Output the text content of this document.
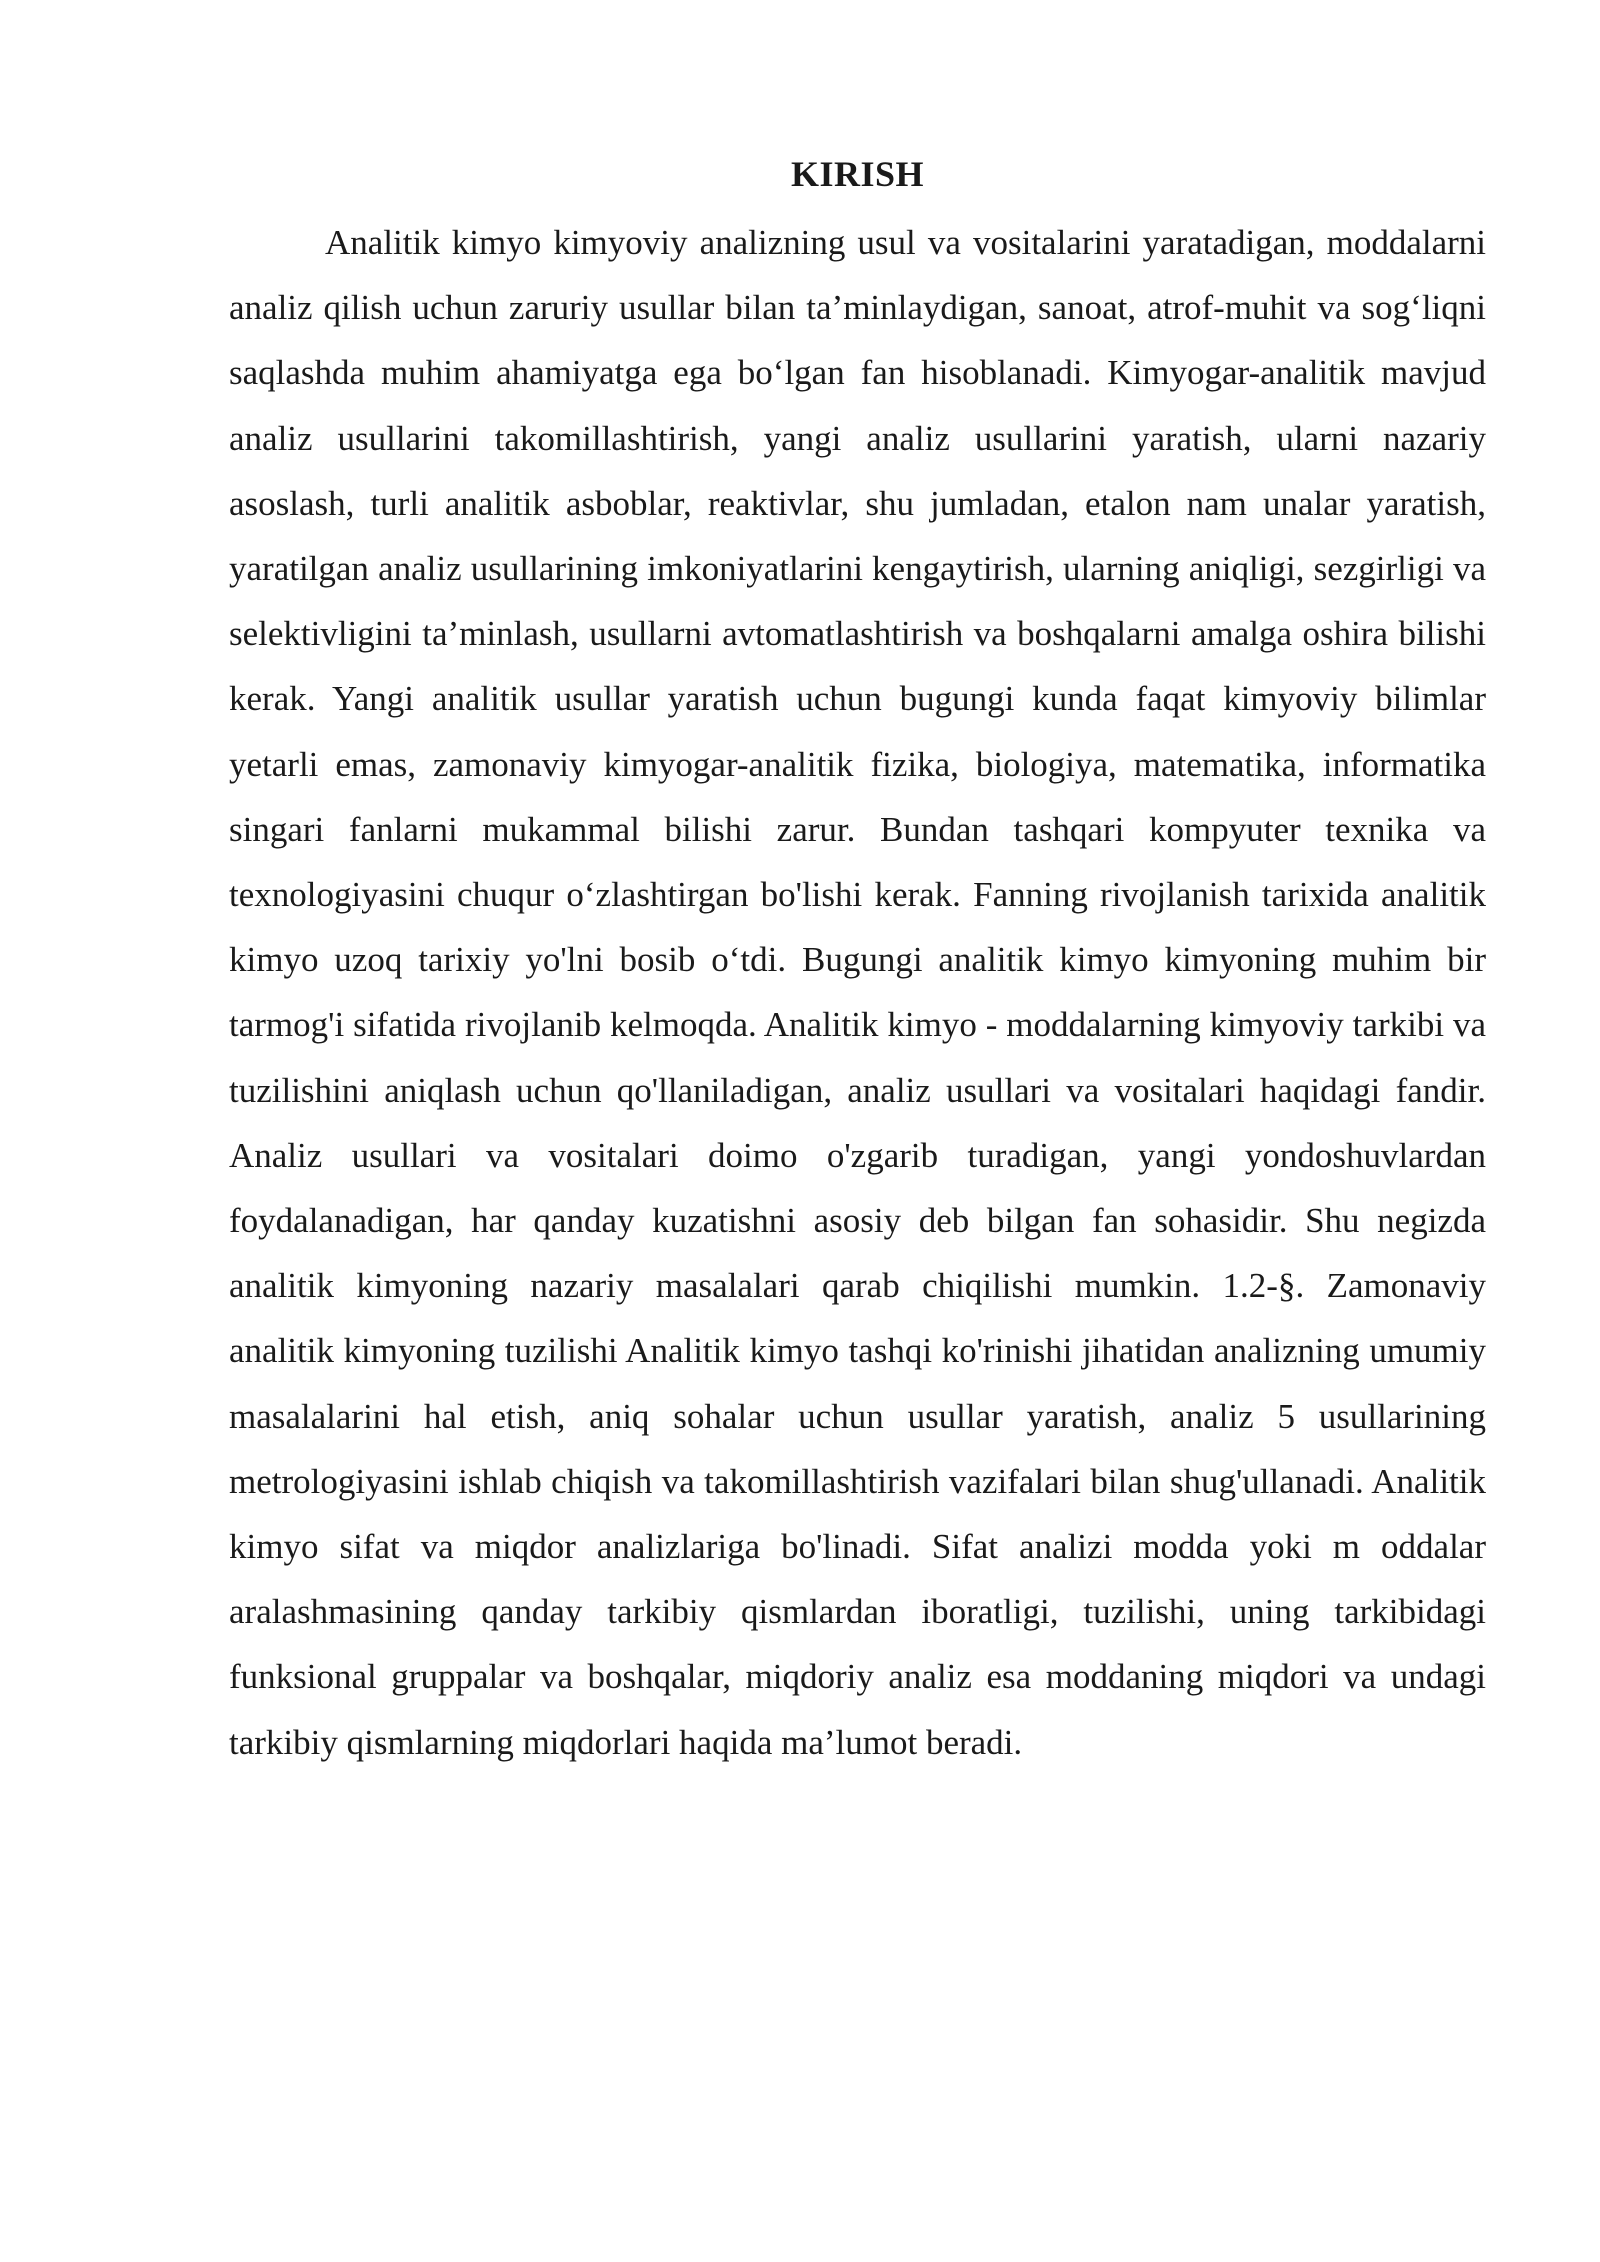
KIRISH

Analitik kimyo kimyoviy analizning usul va vositalarini yaratadigan, moddalarni analiz qilish uchun zaruriy usullar bilan ta’minlaydigan, sanoat, atrof-muhit va sog‘liqni saqlashda muhim ahamiyatga ega bo‘lgan fan hisoblanadi. Kimyogar-analitik mavjud analiz usullarini takomillashtirish, yangi analiz usullarini yaratish, ularni nazariy asoslash, turli analitik asboblar, reaktivlar, shu jumladan, etalon nam unalar yaratish, yaratilgan analiz usullarining imkoniyatlarini kengaytirish, ularning aniqligi, sezgirligi va selektivligini ta’minlash, usullarni avtomatlashtirish va boshqalarni amalga oshira bilishi kerak. Yangi analitik usullar yaratish uchun bugungi kunda faqat kimyoviy bilimlar yetarli emas, zamonaviy kimyogar-analitik fizika, biologiya, matematika, informatika singari fanlarni mukammal bilishi zarur. Bundan tashqari kompyuter texnika va texnologiyasini chuqur o‘zlashtirgan bo'lishi kerak. Fanning rivojlanish tarixida analitik kimyo uzoq tarixiy yo'lni bosib o‘tdi. Bugungi analitik kimyo kimyoning muhim bir tarmog'i sifatida rivojlanib kelmoqda. Analitik kimyo - moddalarning kimyoviy tarkibi va tuzilishini aniqlash uchun qo'llaniladigan, analiz usullari va vositalari haqidagi fandir. Analiz usullari va vositalari doimo o'zgarib turadigan, yangi yondoshuvlardan foydalanadigan, har qanday kuzatishni asosiy deb bilgan fan sohasidir. Shu negizda analitik kimyoning nazariy masalalari qarab chiqilishi mumkin. 1.2-§. Zamonaviy analitik kimyoning tuzilishi Analitik kimyo tashqi ko'rinishi jihatidan analizning umumiy masalalarini hal etish, aniq sohalar uchun usullar yaratish, analiz 5 usullarining metrologiyasini ishlab chiqish va takomillashtirish vazifalari bilan shug'ullanadi. Analitik kimyo sifat va miqdor analizlariga bo'linadi. Sifat analizi modda yoki m oddalar aralashmasining qanday tarkibiy qismlardan iboratligi, tuzilishi, uning tarkibidagi funksional gruppalar va boshqalar, miqdoriy analiz esa moddaning miqdori va undagi tarkibiy qismlarning miqdorlari haqida ma’lumot beradi.
